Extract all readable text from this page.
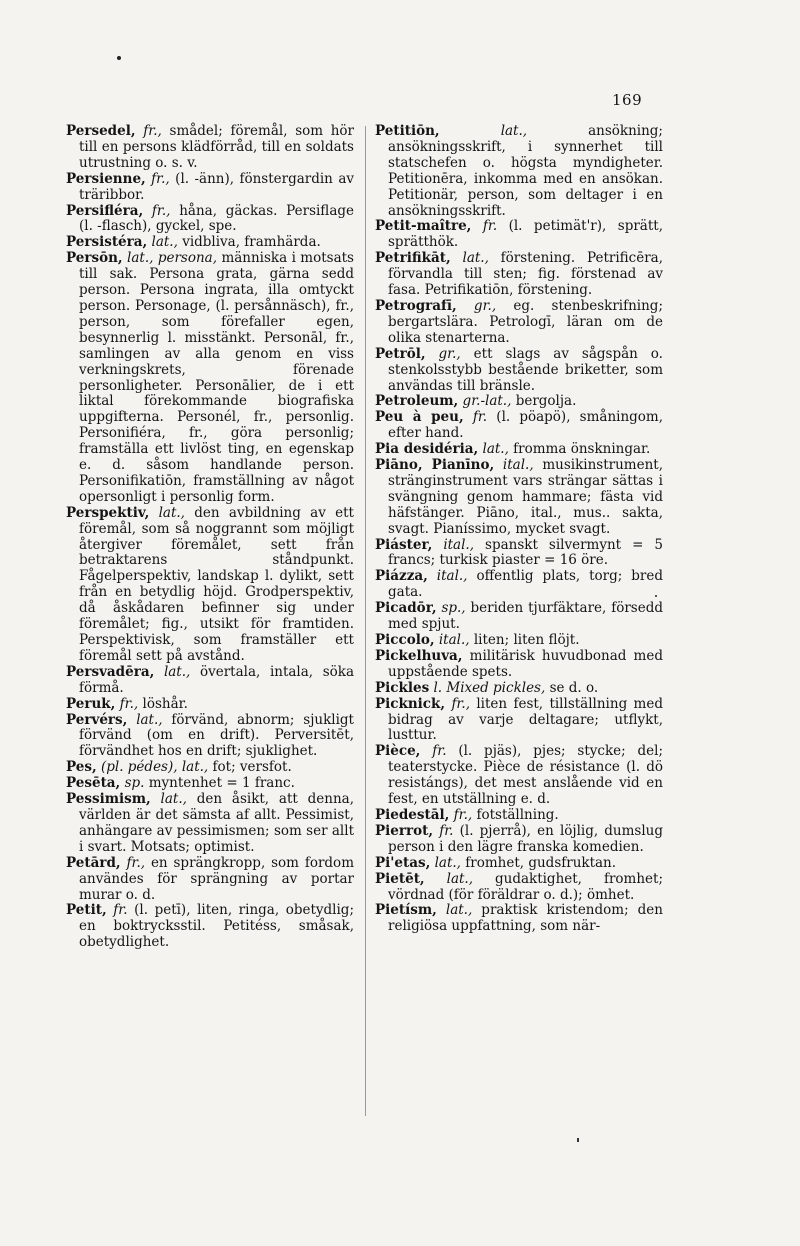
169

Persedel, fr., smådel; föremål, som hör till en persons klädförråd, till en soldats utrustning o. s. v.

Persienne, fr., (l. -änn), fönstergardin av träribbor.

Persifléra, fr., håna, gäckas. Persiflage (l. -flasch), gyckel, spe.

Persistéra, lat., vidbliva, framhärda.

Persōn, lat., persona, människa i motsats till sak. Persona grata, gärna sedd person. Persona ingrata, illa omtyckt person. Personage, (l. persånnäsch), fr., person, som förefaller egen, besynnerlig l. misstänkt. Personāl, fr., samlingen av alla genom en viss verkningskrets, förenade personligheter. Personālier, de i ett liktal förekommande biografiska uppgifterna. Personél, fr., personlig. Personifiéra, fr., göra personlig; framställa ett livlöst ting, en egenskap e. d. såsom handlande person. Personifikatiōn, framställning av något opersonligt i personlig form.

Perspektiv, lat., den avbildning av ett föremål, som så noggrannt som möjligt återgiver föremålet, sett från betraktarens ståndpunkt. Fågelperspektiv, landskap l. dylikt, sett från en betydlig höjd. Grodperspektiv, då åskådaren befinner sig under föremålet; fig., utsikt för framtiden. Perspektivisk, som framställer ett föremål sett på avstånd.

Persvadēra, lat., övertala, intala, söka förmå.

Peruk, fr., löshår.

Pervérs, lat., förvänd, abnorm; sjukligt förvänd (om en drift). Perversitēt, förvändhet hos en drift; sjuklighet.

Pes, (pl. pédes), lat., fot; versfot.

Pesēta, sp. myntenhet = 1 franc.

Pessimism, lat., den åsikt, att denna, världen är det sämsta af allt. Pessimist, anhängare av pessimismen; som ser allt i svart. Motsats; optimist.

Petārd, fr., en sprängkropp, som fordom användes för sprängning av portar murar o. d.

Petit, fr. (l. petī), liten, ringa, obetydlig; en boktrycksstil. Petitéss, småsak, obetydlighet.

Petitiōn,	lat.,	ansökning; ansökningsskrift, i synnerhet till statschefen o. högsta myndigheter. Petitionēra, inkomma med en ansökan. Petitionär, person, som deltager i en ansökningsskrift.

Petit-maître, fr. (l. petimät'r), sprätt, sprätthök.

Petrifikāt, lat., förstening. Petrificēra, förvandla till sten; fig. förstenad av fasa. Petrifikatiōn, förstening.

Petrografī, gr., eg. stenbeskrifning; bergartslära. Petrologī, läran om de olika stenarterna.

Petrōl, gr., ett slags av sågspån o. stenkolsstybb bestående briketter, som användas till bränsle.

Petroleum, gr.-lat., bergolja.

Peu à peu, fr. (l. pöapö), småningom, efter hand.

Pia desidéria, lat., fromma önskningar.

Piāno, Pianīno, ital., musikinstrument, stränginstrument vars strängar sättas i svängning genom hammare; fästa vid häfstänger. Piāno, ital., mus.. sakta, svagt. Pianíssimo, mycket svagt.

Piáster, ital., spanskt silvermynt = 5 francs; turkisk piaster = 16 öre.

Piázza, ital., offentlig plats, torg; bred gata.

Picadōr, sp., beriden tjurfäktare, försedd med spjut.

Piccolo, ital., liten; liten flöjt.

Pickelhuva, militärisk huvudbonad med uppstående spets.

Pickles l. Mixed pickles, se d. o.

Picknick, fr., liten fest, tillställning med bidrag av varje deltagare; utflykt, lusttur.

Pièce, fr. (l. pjäs), pjes; stycke; del; teaterstycke. Pièce de résistance (l. dö resistángs), det mest anslående vid en fest, en utställning e. d.

Piedestāl, fr., fotställning.

Pierrot, fr. (l. pjerrå), en löjlig, dumslug person i den lägre franska komedien.

Pi'etas, lat., fromhet, gudsfruktan.

Pietēt, lat., gudaktighet, fromhet; vördnad (för föräldrar o. d.); ömhet.

Pietísm, lat., praktisk kristendom; den religiösa uppfattning, som när-
